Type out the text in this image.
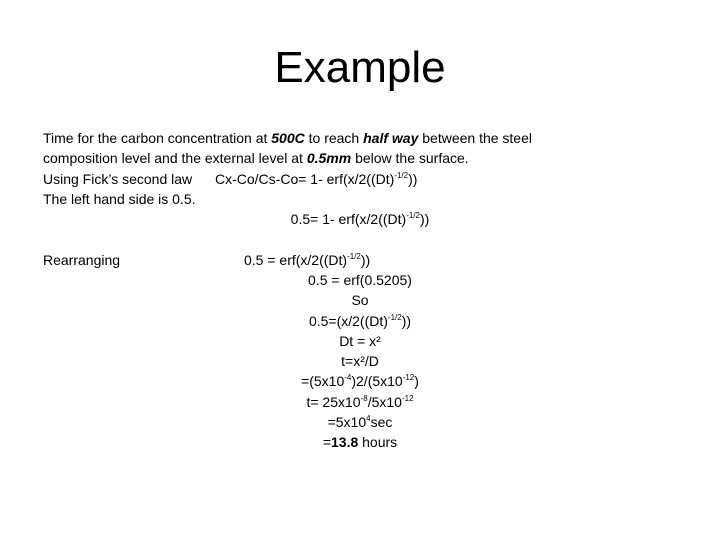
Example
Time for the carbon concentration at 500C to reach half way between the steel
composition level and the external level at 0.5mm below the surface.
Using Fick’s second law Cx-Co/Cs-Co= 1- $erf(x/2((Dt)^{-1/2}))$
The left hand side is 0.5.
0.5= 1- $erf(x/2((Dt)^{-1/2}))$
Rearranging	$0.5 = erf(x/2((Dt)^{-1/2}))$
0.5 = erf(0.5205)
So
$0.5=(x/2((Dt)^{-1/2}))$
Dt = x²
t=x²/D
$=(5x10^{-4})2/(5x10^{-12})$
$t= 25x10^{-8}/5x10^{-12}$
$=5x10^4\sec$
=13.8 hours
